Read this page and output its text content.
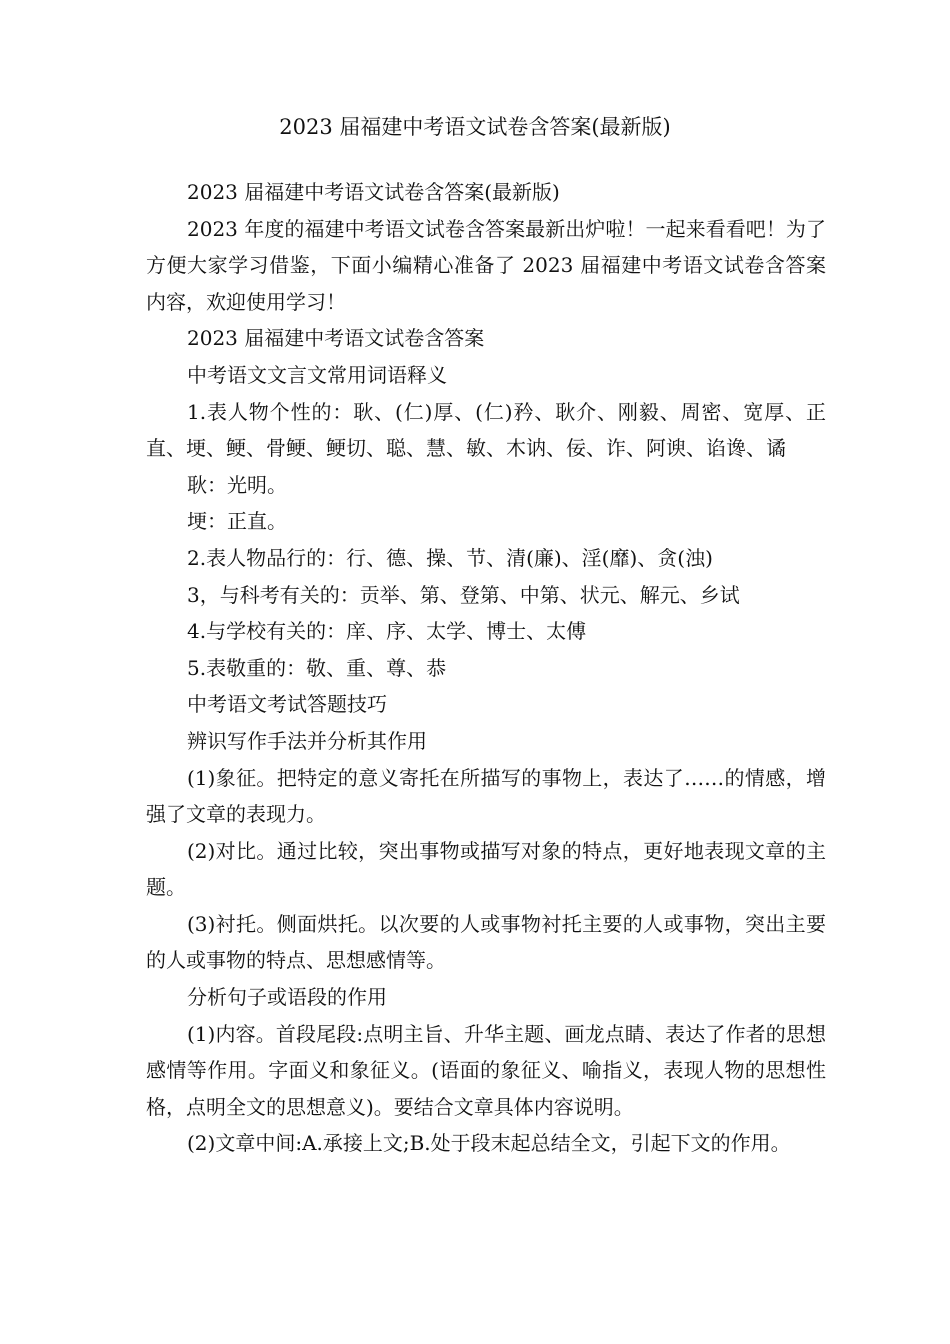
2023 届福建中考语文试卷含答案(最新版)

2023 届福建中考语文试卷含答案(最新版)

2023 年度的福建中考语文试卷含答案最新出炉啦！一起来看看吧！为了方便大家学习借鉴，下面小编精心准备了 2023 届福建中考语文试卷含答案内容，欢迎使用学习！

2023 届福建中考语文试卷含答案

中考语文文言文常用词语释义

1.表人物个性的：耿、(仁)厚、(仁)矜、耿介、刚毅、周密、宽厚、正直、埂、鲠、骨鲠、鲠切、聪、慧、敏、木讷、佞、诈、阿谀、谄谗、谲

耿：光明。

埂：正直。

2.表人物品行的：行、德、操、节、清(廉)、淫(靡)、贪(浊)

3，与科考有关的：贡举、第、登第、中第、状元、解元、乡试

4.与学校有关的：庠、序、太学、博士、太傅

5.表敬重的：敬、重、尊、恭

中考语文考试答题技巧

辨识写作手法并分析其作用

(1)象征。把特定的意义寄托在所描写的事物上，表达了……的情感，增强了文章的表现力。

(2)对比。通过比较，突出事物或描写对象的特点，更好地表现文章的主题。

(3)衬托。侧面烘托。以次要的人或事物衬托主要的人或事物，突出主要的人或事物的特点、思想感情等。

分析句子或语段的作用

(1)内容。首段尾段:点明主旨、升华主题、画龙点睛、表达了作者的思想感情等作用。字面义和象征义。(语面的象征义、喻指义，表现人物的思想性格，点明全文的思想意义)。要结合文章具体内容说明。

(2)文章中间:A.承接上文;B.处于段末起总结全文，引起下文的作用。
